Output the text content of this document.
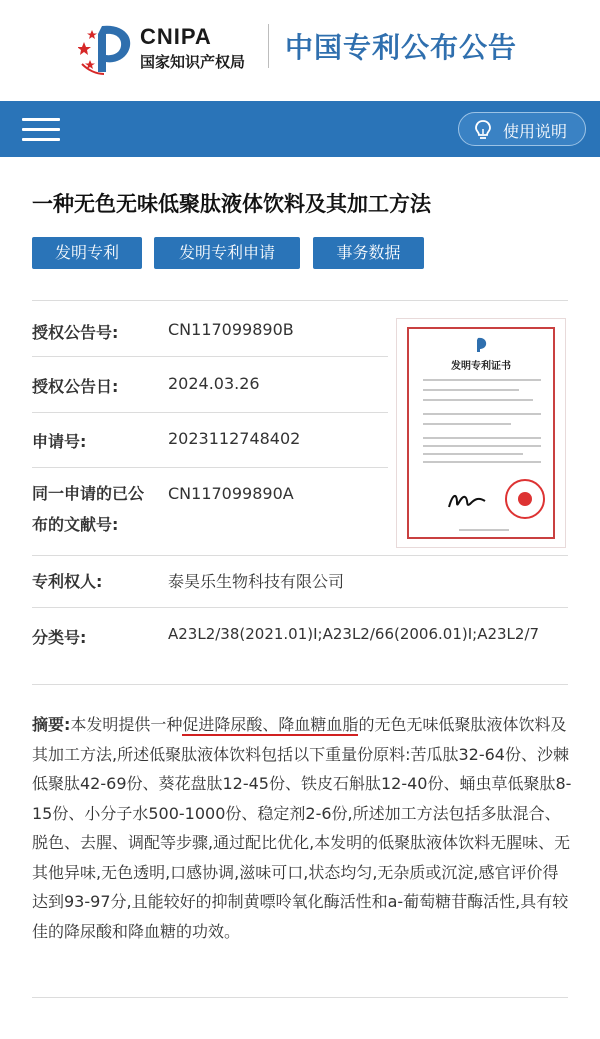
CNIPA
国家知识产权局 中国专利公布公告
使用说明
一种无色无味低聚肽液体饮料及其加工方法
发明专利	发明专利申请	事务数据
授权公告号:	CN117099890B
授权公告日:	2024.03.26
申请号:	2023112748402
同一申请的已公
布的文献号:
CN117099890A
发明专利证书
专利权人:	泰昊乐生物科技有限公司
分类号:	A23L2/38(2021.01)I;A23L2/66(2006.01)I;A23L2/7
摘要:本发明提供一种促进降尿酸、降血糖血脂的无色无味低聚肽液体饮料及其加工方法,所述低聚肽液体饮料包括以下重量份原料:苦瓜肽32-64份、沙棘低聚肽42-69份、葵花盘肽12-45份、铁皮石斛肽12-40份、蛹虫草低聚肽8-15份、小分子水500-1000份、稳定剂2-6份,所述加工方法包括多肽混合、脱色、去腥、调配等步骤,通过配比优化,本发明的低聚肽液体饮料无腥味、无其他异味,无色透明,口感协调,滋味可口,状态均匀,无杂质或沉淀,感官评价得达到93-97分,且能较好的抑制黄嘌呤氧化酶活性和a-葡萄糖苷酶活性,具有较佳的降尿酸和降血糖的功效。
